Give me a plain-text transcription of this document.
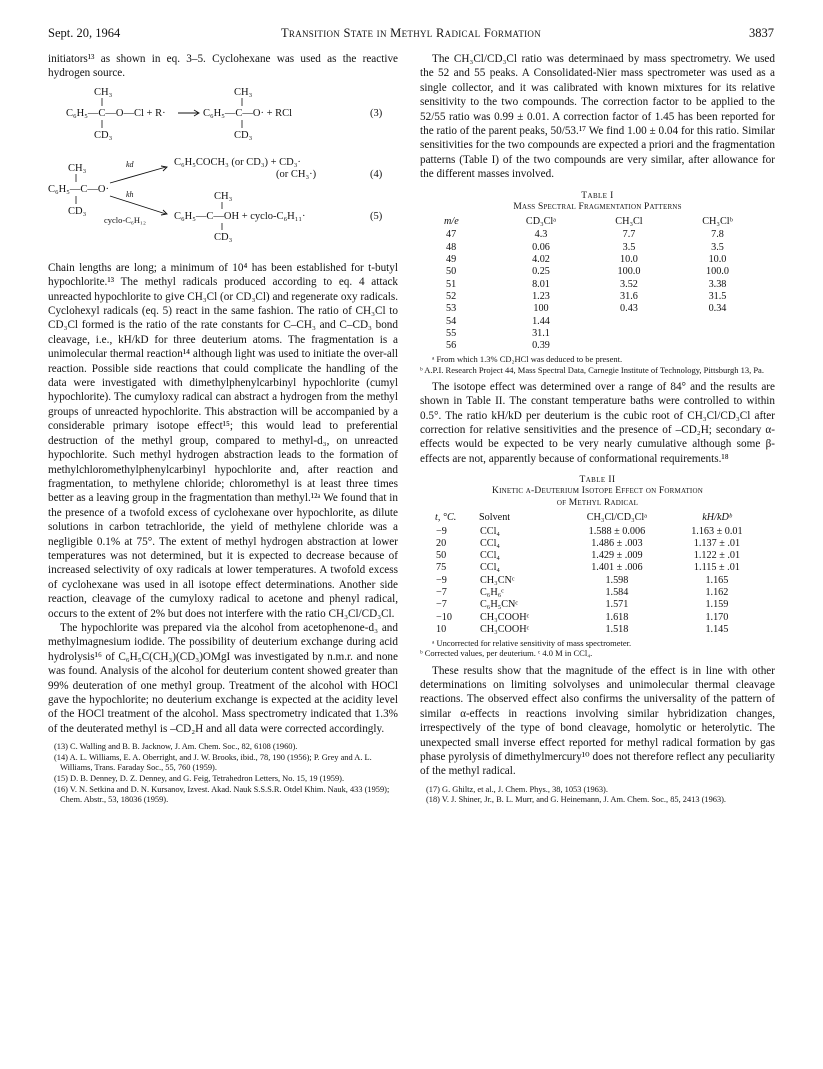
Sept. 20, 1964	Transition State in Methyl Radical Formation	3837

initiators¹³ as shown in eq. 3–5. Cyclohexane was used as the reactive hydrogen source.

CH₃
C₆H₅—C—O—Cl + R·
CD₃
CH₃
C₆H₅—C—O· + RCl
CD₃
(3)
CH₃
C₆H₅—C—O·
CD₃
kd
kh
cyclo-C₆H₁₂
C₆H₅COCH₃ (or CD₃) + CD₃·
(or CH₃·)	(4)
CH₃
C₆H₅—C—OH + cyclo-C₆H₁₁·
CD₃
(5)

Chain lengths are long; a minimum of 10⁴ has been established for t-butyl hypochlorite.¹³ The methyl radicals produced according to eq. 4 attack unreacted hypochlorite to give CH₃Cl (or CD₃Cl) and regenerate oxy radicals. Cyclohexyl radicals (eq. 5) react in the same fashion. The ratio of CH₃Cl to CD₃Cl formed is the ratio of the rate constants for C–CH₃ and C–CD₃ bond cleavage, i.e., kH/kD for three deuterium atoms. The fragmentation is a unimolecular thermal reaction¹⁴ although light was used to initiate the over-all reaction. Possible side reactions that could complicate the handling of the data were investigated with dimethylphenylcarbinyl hypochlorite (cumyl hypochlorite). The cumyloxy radical can abstract a hydrogen from the methyl groups of unreacted hypochlorite. This abstraction will be accompanied by a considerable primary isotope effect¹⁵; this would lead to preferential destruction of the methyl group, compared to methyl-d₃, on unreacted hypochlorite. Such methyl hydrogen abstraction leads to the formation of methylchloromethylphenylcarbinyl hypochlorite and, after reaction and fragmentation, to methylene chloride; chloromethyl is at least three times better as a leaving group in the fragmentation than methyl.¹²ᵃ We found that in the presence of a twofold excess of cyclohexane over hypochlorite, as dilute solutions in carbon tetrachloride, the yield of methylene chloride was a negligible 0.1% at 75°. The extent of methyl hydrogen abstraction at lower temperatures was not determined, but it is expected to decrease because of increased selectivity of oxy radicals at lower temperatures. A twofold excess of cyclohexane was used in all isotope effect determinations. Another side reaction, cleavage of the cumyloxy radical to acetone and phenyl radical, occurs to the extent of 2% but does not interfere with the ratio CH₃Cl/CD₃Cl.

The hypochlorite was prepared via the alcohol from acetophenone-d₃ and methylmagnesium iodide. The possibility of deuterium exchange during acid hydrolysis¹⁶ of C₆H₅C(CH₃)(CD₃)OMgI was investigated by n.m.r. and none was found. Analysis of the alcohol for deuterium content showed greater than 99% deuteration of one methyl group. Treatment of the alcohol with HOCl gave the hypochlorite; no deuterium exchange is expected at the acidity level of the HOCl treatment of the alcohol. Mass spectrometry indicated that 1.3% of the deuterated methyl is –CD₂H and all data were corrected accordingly.

(13) C. Walling and B. B. Jacknow, J. Am. Chem. Soc., 82, 6108 (1960).

(14) A. L. Williams, E. A. Oberright, and J. W. Brooks, ibid., 78, 190 (1956); P. Grey and A. L. Williams, Trans. Faraday Soc., 55, 760 (1959).

(15) D. B. Denney, D. Z. Denney, and G. Feig, Tetrahedron Letters, No. 15, 19 (1959).

(16) V. N. Setkina and D. N. Kursanov, Izvest. Akad. Nauk S.S.S.R. Otdel Khim. Nauk, 433 (1959); Chem. Abstr., 53, 18036 (1959).

The CH₃Cl/CD₃Cl ratio was determinaed by mass spectrometry. We used the 52 and 55 peaks. A Consolidated-Nier mass spectrometer was used as a single collector, and it was calibrated with known mixtures for its relative sensitivity to the two compounds. The correction factor to be applied to the 52/55 ratio was 0.99 ± 0.01. A correction factor of 1.45 has been reported for the ratio of the parent peaks, 50/53.¹⁷ We find 1.00 ± 0.04 for this ratio. Similar sensitivities for the two compounds are expected a priori and the fragmentation patterns (Table I) of the two compounds are very similar, after allowance for the different masses involved.

Table I
Mass Spectral Fragmentation Patterns
m/e	CD₃Clᵃ	CH₃Cl	CH₃Clᵇ
47	4.3	7.7	7.8
48	0.06	3.5	3.5
49	4.02	10.0	10.0
50	0.25	100.0	100.0
51	8.01	3.52	3.38
52	1.23	31.6	31.5
53	100	0.43	0.34
54	1.44		
55	31.1		
56	0.39		

ᵃ From which 1.3% CD₂HCl was deduced to be present.

ᵇ A.P.I. Research Project 44, Mass Spectral Data, Carnegie Institute of Technology, Pittsburgh 13, Pa.

The isotope effect was determined over a range of 84° and the results are shown in Table II. The constant temperature baths were controlled to within 0.5°. The ratio kH/kD per deuterium is the cubic root of CH₃Cl/CD₃Cl after correction for relative sensitivities and the presence of –CD₂H; secondary α-effects would be expected to be very nearly cumulative although some β-effects are not, apparently because of conformational requirements.¹⁸

Table II
Kinetic α-Deuterium Isotope Effect on Formation
of Methyl Radical
t, °C.	Solvent	CH₃Cl/CD₃Clᵃ	kH/kDᵇ
−9	CCl₄	1.588 ± 0.006	1.163 ± 0.01
20	CCl₄	1.486 ± .003	1.137 ± .01
50	CCl₄	1.429 ± .009	1.122 ± .01
75	CCl₄	1.401 ± .006	1.115 ± .01
−9	CH₃CNᶜ	1.598	1.165
−7	C₆H₆ᶜ	1.584	1.162
−7	C₆H₅CNᶜ	1.571	1.159
−10	CH₃COOHᶜ	1.618	1.170
10	CH₃COOHᶜ	1.518	1.145

ᵃ Uncorrected for relative sensitivity of mass spectrometer.

ᵇ Corrected values, per deuterium. ᶜ 4.0 M in CCl₄.

These results show that the magnitude of the effect is in line with other determinations on limiting solvolyses and unimolecular thermal cleavage reactions. The observed effect also confirms the universality of the pattern of similar α-effects in reactions involving similar hybridization changes, irrespectively of the type of bond cleavage, homolytic or heterolytic. The unexpected small inverse effect reported for methyl radical formation by gas phase pyrolysis of dimethylmercury¹⁰ does not therefore reflect any peculiarity of the methyl radical.

(17) G. Ghiltz, et al., J. Chem. Phys., 38, 1053 (1963).

(18) V. J. Shiner, Jr., B. L. Murr, and G. Heinemann, J. Am. Chem. Soc., 85, 2413 (1963).
